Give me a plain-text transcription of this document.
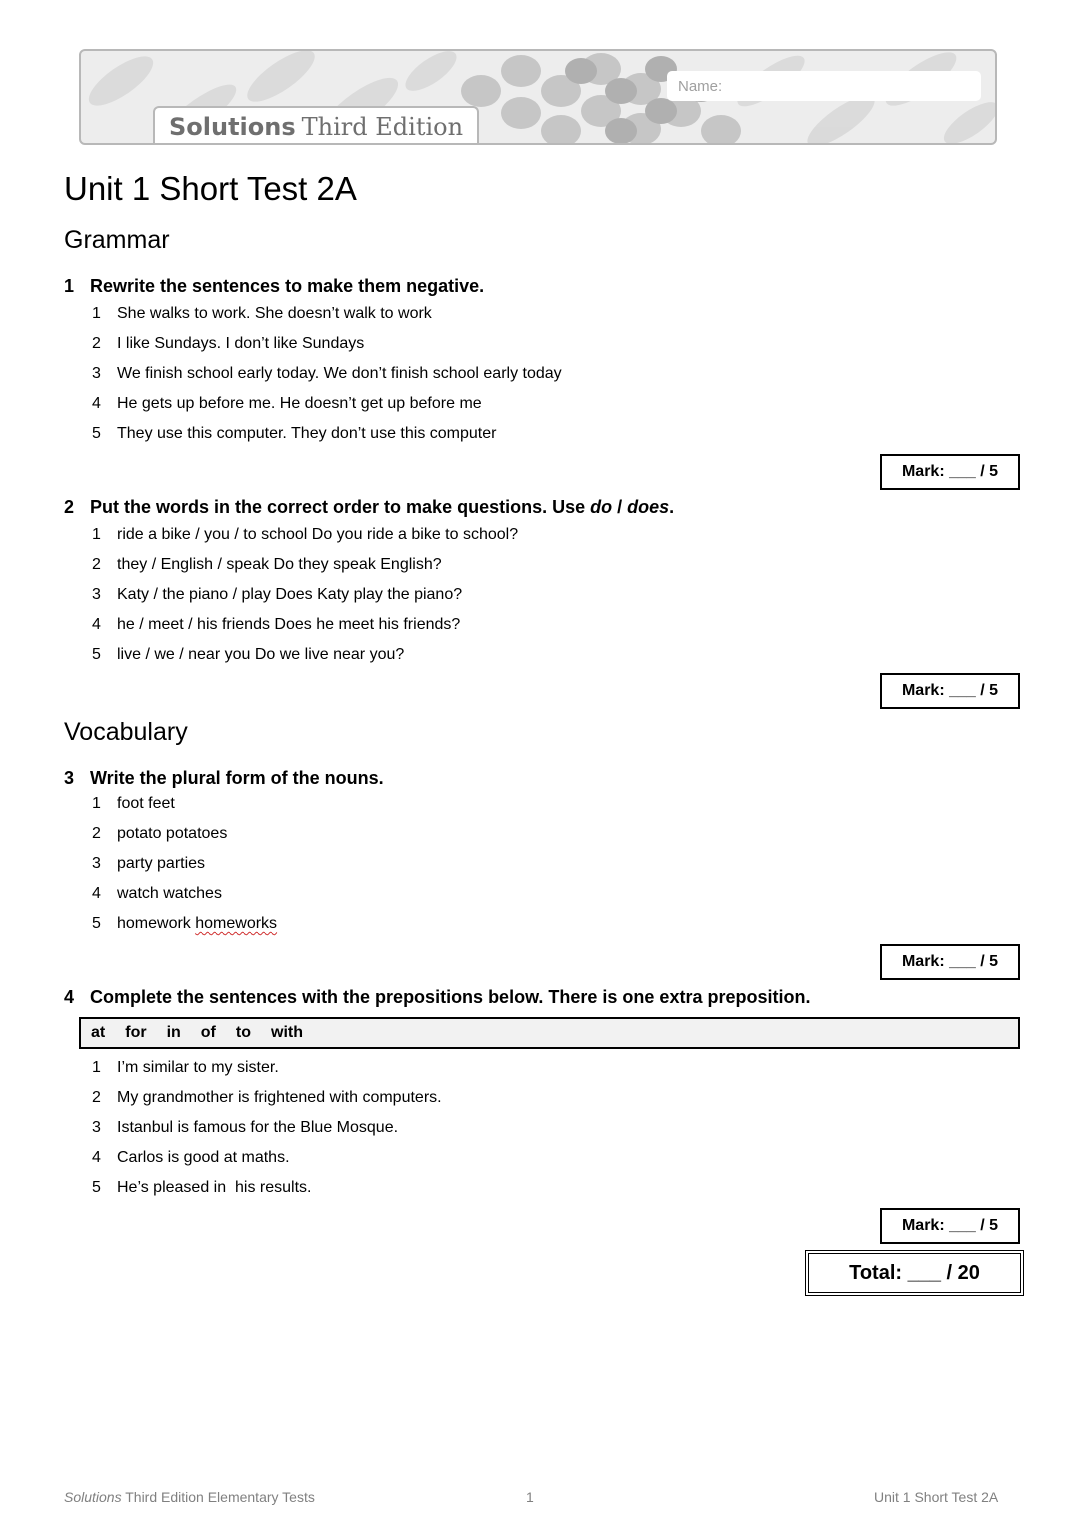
Name:
Solutions Third Edition
Unit 1 Short Test 2A
Grammar
1 Rewrite the sentences to make them negative.
1	She walks to work. She doesn’t walk to work
2	I like Sundays. I don’t like Sundays
3	We finish school early today. We don’t finish school early today
4	He gets up before me. He doesn’t get up before me
5	They use this computer. They don’t use this computer
Mark: ___ / 5
2 Put the words in the correct order to make questions. Use do / does.
1	ride a bike / you / to school Do you ride a bike to school?
2	they / English / speak Do they speak English?
3	Katy / the piano / play Does Katy play the piano?
4	he / meet / his friends Does he meet his friends?
5	live / we / near you Do we live near you?
Mark: ___ / 5
Vocabulary
3 Write the plural form of the nouns.
1	foot feet
2	potato potatoes
3	party parties
4	watch watches
5	homework homeworks
Mark: ___ / 5
4 Complete the sentences with the prepositions below. There is one extra preposition.
at for in of to with
1	I’m similar to my sister.
2	My grandmother is frightened with computers.
3	Istanbul is famous for the Blue Mosque.
4	Carlos is good at maths.
5	He’s pleased in  his results.
Mark: ___ / 5
Total: ___ / 20
Solutions Third Edition Elementary Tests	1	Unit 1 Short Test 2A
